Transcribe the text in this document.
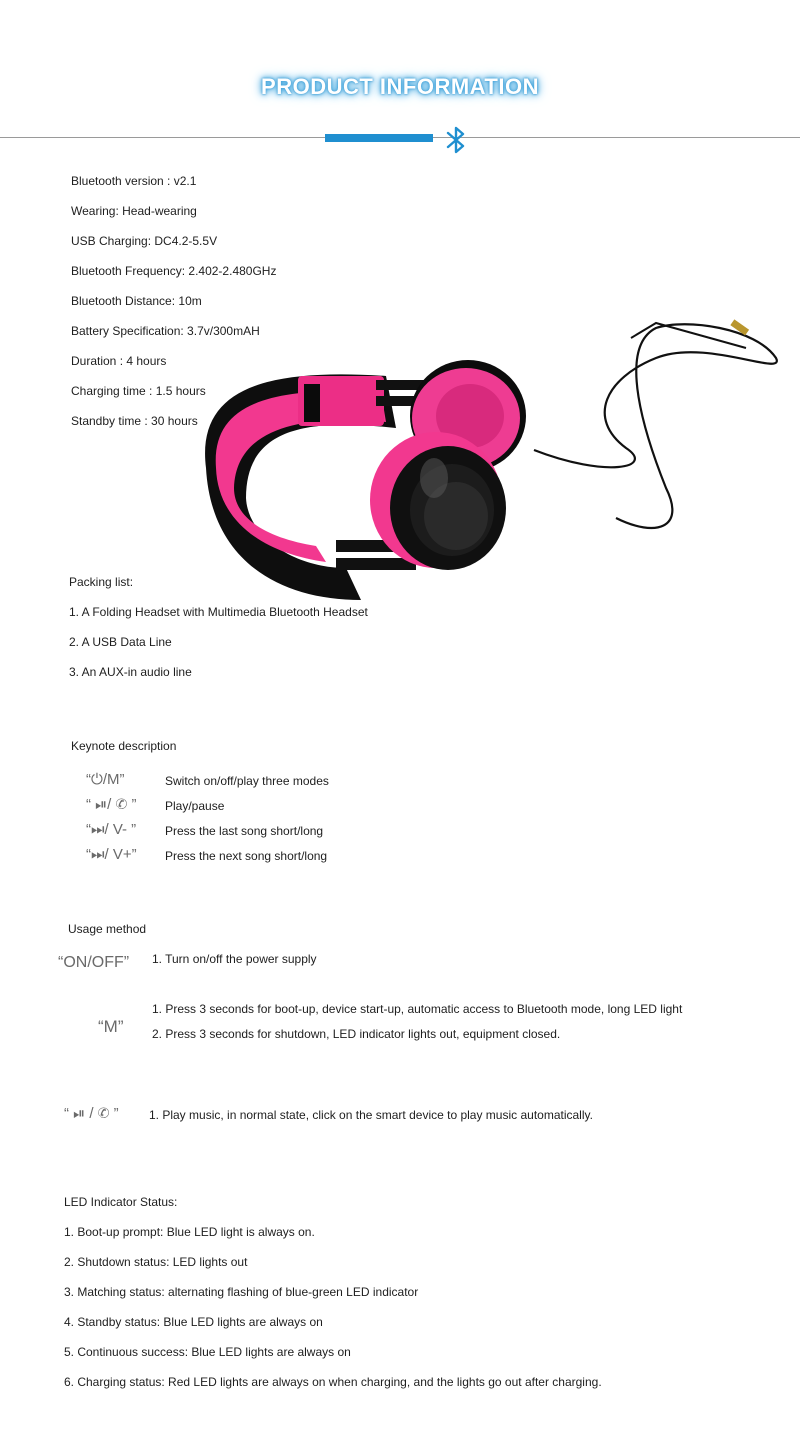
PRODUCT INFORMATION
Bluetooth version : v2.1
Wearing: Head-wearing
USB Charging: DC4.2-5.5V
Bluetooth Frequency: 2.402-2.480GHz
Bluetooth Distance: 10m
Battery Specification: 3.7v/300mAH
Duration : 4 hours
Charging time : 1.5 hours
Standby time : 30 hours
Packing list:
1. A Folding Headset with Multimedia Bluetooth Headset
2. A USB Data Line
3. An AUX-in audio line
Keynote description
“⏻/M”	Switch on/off/play three modes
“ ⏯/ ✆ ” Play/pause
“⏭/ V- ” Press the last song short/long
“⏭/ V+” Press the next song short/long
Usage method
“ON/OFF” 1. Turn on/off the power supply
“M”
1. Press 3 seconds for boot-up, device start-up, automatic access to Bluetooth mode, long LED light
2. Press 3 seconds for shutdown, LED indicator lights out, equipment closed.
“ ⏯ / ✆ ”	1. Play music, in normal state, click on the smart device to play music automatically.
LED Indicator Status:
1. Boot-up prompt: Blue LED light is always on.
2. Shutdown status: LED lights out
3. Matching status: alternating flashing of blue-green LED indicator
4. Standby status: Blue LED lights are always on
5. Continuous success: Blue LED lights are always on
6. Charging status: Red LED lights are always on when charging, and the lights go out after charging.
